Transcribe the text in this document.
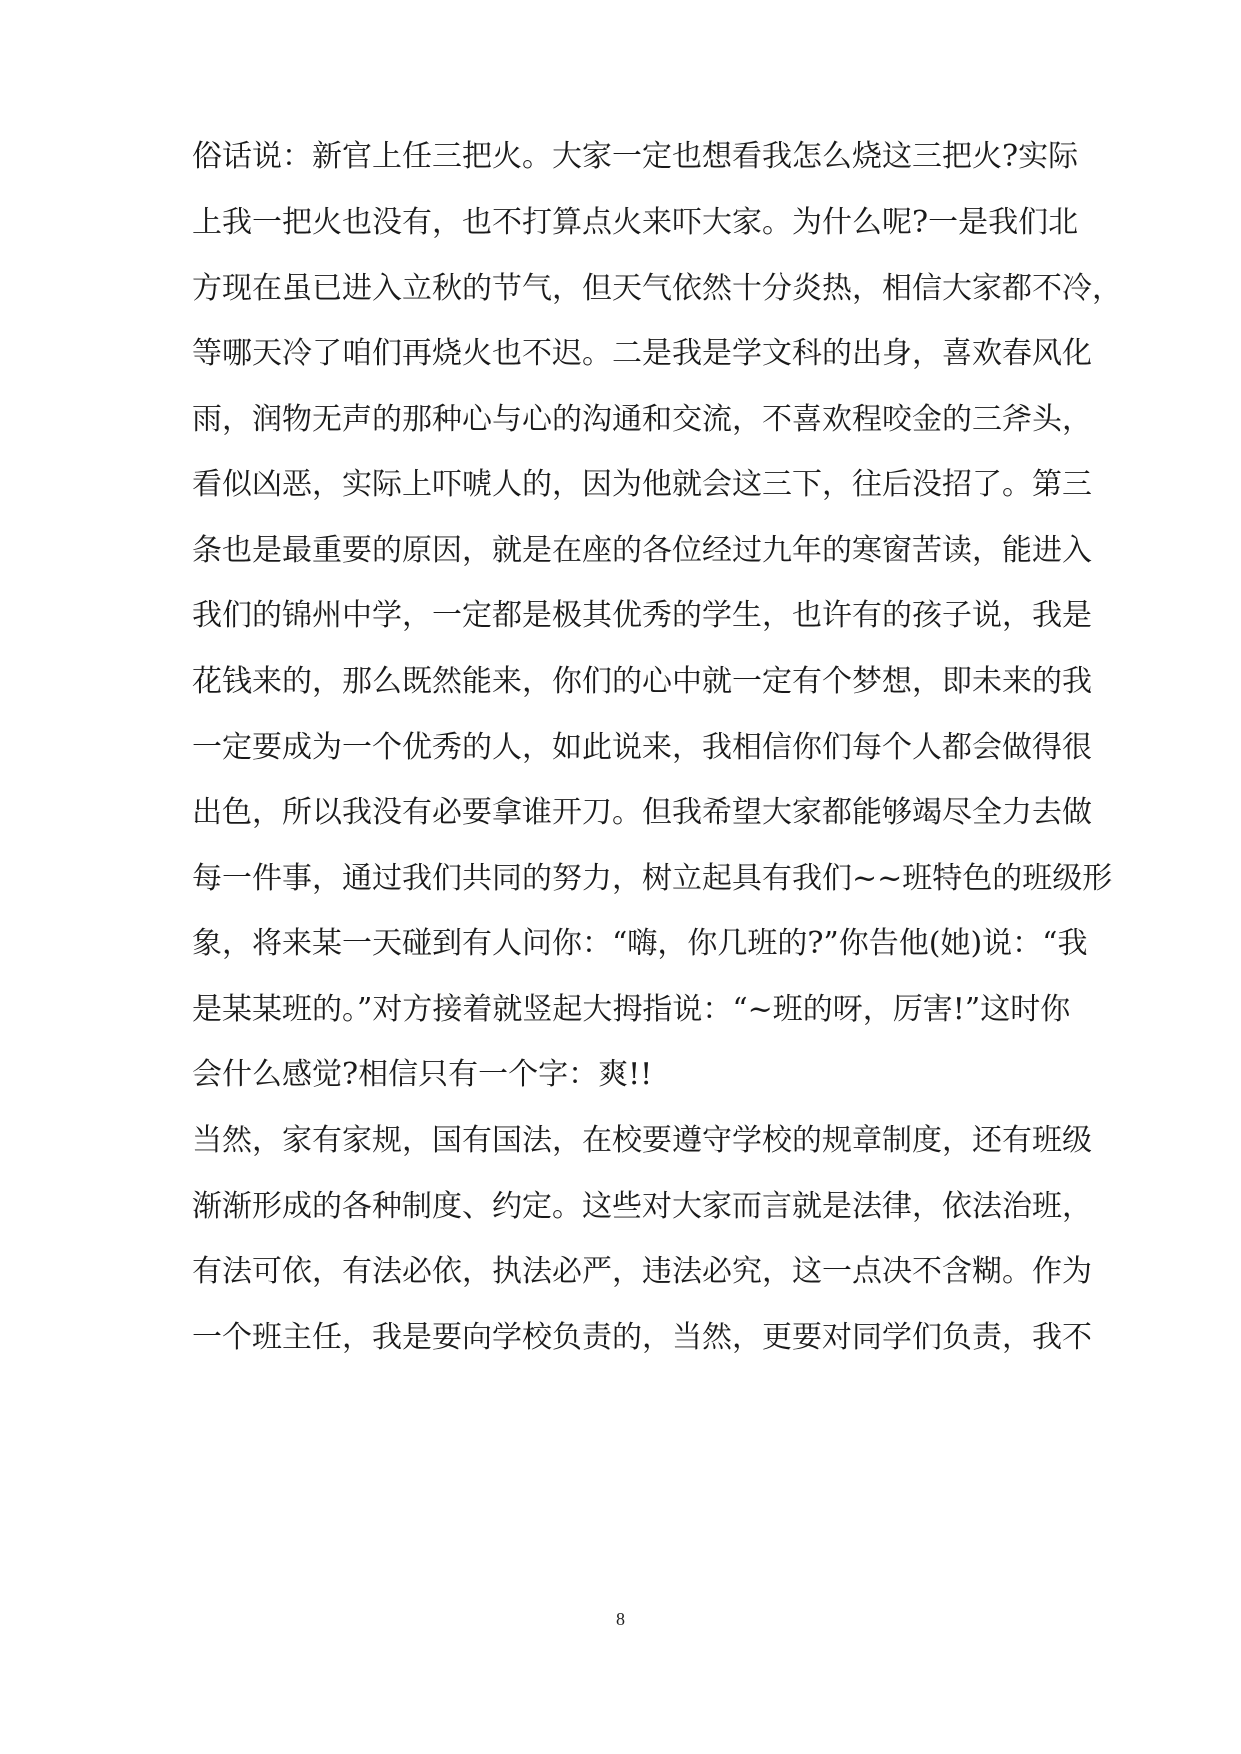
俗话说：新官上任三把火。大家一定也想看我怎么烧这三把火?实际
上我一把火也没有，也不打算点火来吓大家。为什么呢?一是我们北
方现在虽已进入立秋的节气，但天气依然十分炎热，相信大家都不冷，
等哪天冷了咱们再烧火也不迟。二是我是学文科的出身，喜欢春风化
雨，润物无声的那种心与心的沟通和交流，不喜欢程咬金的三斧头，
看似凶恶，实际上吓唬人的，因为他就会这三下，往后没招了。第三
条也是最重要的原因，就是在座的各位经过九年的寒窗苦读，能进入
我们的锦州中学，一定都是极其优秀的学生，也许有的孩子说，我是
花钱来的，那么既然能来，你们的心中就一定有个梦想，即未来的我
一定要成为一个优秀的人，如此说来，我相信你们每个人都会做得很
出色，所以我没有必要拿谁开刀。但我希望大家都能够竭尽全力去做
每一件事，通过我们共同的努力，树立起具有我们~~班特色的班级形
象，将来某一天碰到有人问你：“嗨，你几班的?”你告他(她)说：“我
是某某班的。”对方接着就竖起大拇指说：“~班的呀，厉害!”这时你
会什么感觉?相信只有一个字：爽!!
当然，家有家规，国有国法，在校要遵守学校的规章制度，还有班级
渐渐形成的各种制度、约定。这些对大家而言就是法律，依法治班，
有法可依，有法必依，执法必严，违法必究，这一点决不含糊。作为
一个班主任，我是要向学校负责的，当然，更要对同学们负责，我不
8
